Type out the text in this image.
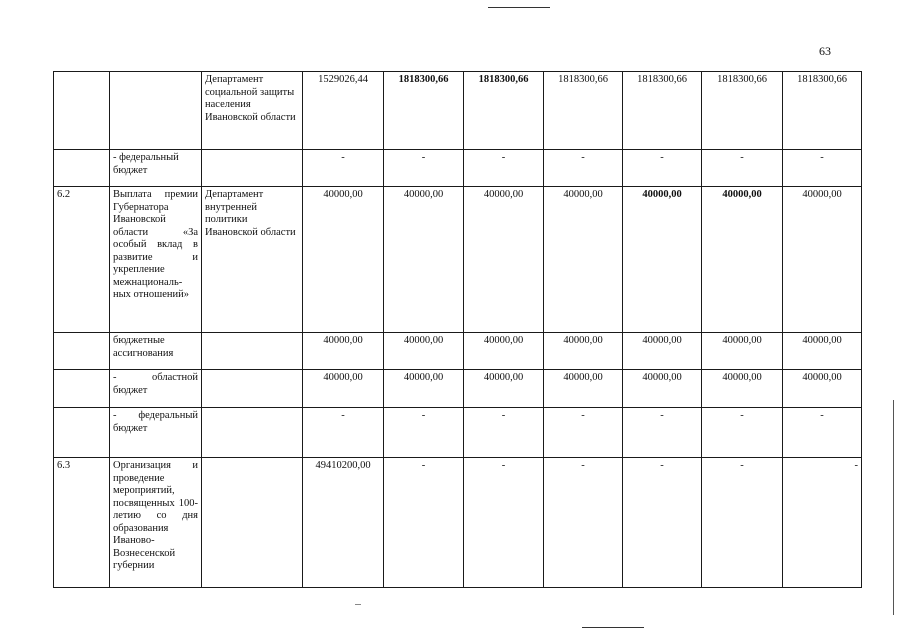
63
		Департамент социальной защиты населения Ивановской области	1529026,44	1818300,66	1818300,66	1818300,66	1818300,66	1818300,66	1818300,66
	- федеральный бюджет		-	-	-	-	-	-	-
6.2	Выплата премии Губернатора Ивановской области «За особый вклад в развитие и укрепление межнациональ-ных отношений»	Департамент внутренней политики Ивановской области	40000,00	40000,00	40000,00	40000,00	40000,00	40000,00	40000,00
	бюджетные ассигнования		40000,00	40000,00	40000,00	40000,00	40000,00	40000,00	40000,00
	- областной бюджет		40000,00	40000,00	40000,00	40000,00	40000,00	40000,00	40000,00
	- федеральный бюджет		-	-	-	-	-	-	-
6.3	Организация и проведение мероприятий, посвященных 100-летию со дня образования Иваново-Вознесенской губернии		49410200,00	-	-	-	-	-	-
